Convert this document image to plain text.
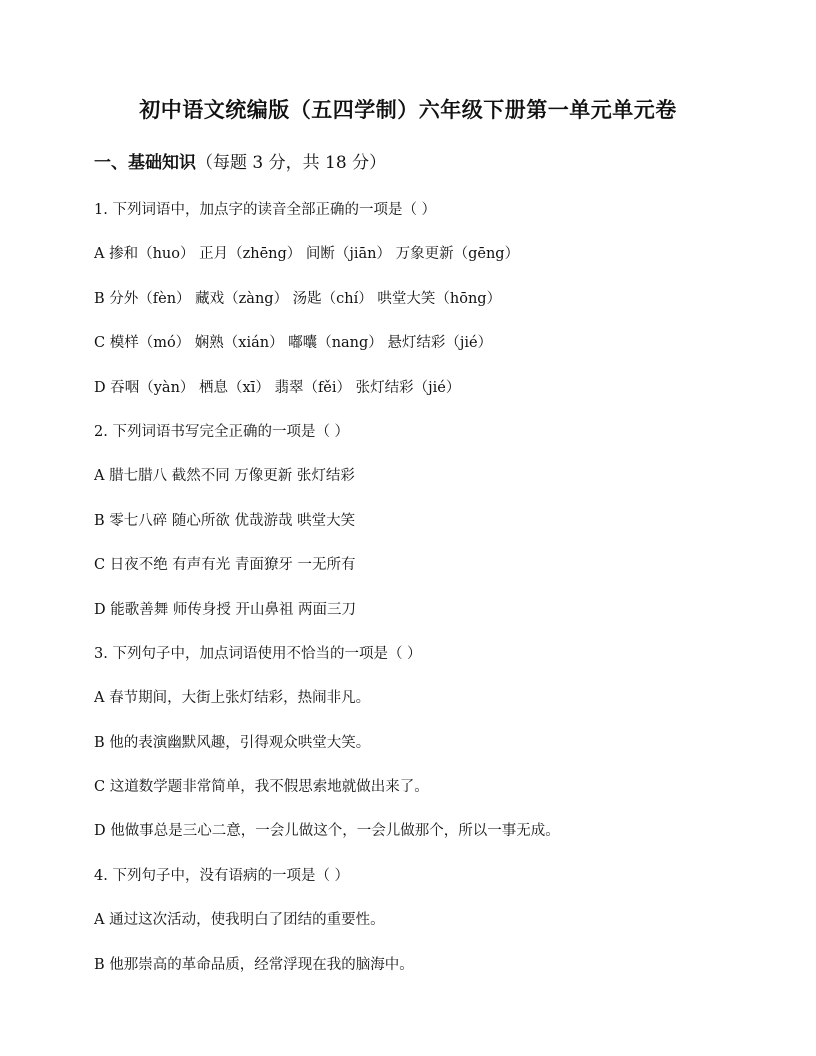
初中语文统编版（五四学制）六年级下册第一单元单元卷
一、基础知识（每题 3 分，共 18 分）
1. 下列词语中，加点字的读音全部正确的一项是（ ）
A 掺和（huo） 正月（zhēng） 间断（jiān） 万象更新（gēng）
B 分外（fèn） 藏戏（zàng） 汤匙（chí） 哄堂大笑（hōng）
C 模样（mó） 娴熟（xián） 嘟囔（nang） 悬灯结彩（jié）
D 吞咽（yàn） 栖息（xī） 翡翠（fěi） 张灯结彩（jié）
2. 下列词语书写完全正确的一项是（ ）
A 腊七腊八 截然不同 万像更新 张灯结彩
B 零七八碎 随心所欲 优哉游哉 哄堂大笑
C 日夜不绝 有声有光 青面獠牙 一无所有
D 能歌善舞 师传身授 开山鼻祖 两面三刀
3. 下列句子中，加点词语使用不恰当的一项是（ ）
A 春节期间，大街上张灯结彩，热闹非凡。
B 他的表演幽默风趣，引得观众哄堂大笑。
C 这道数学题非常简单，我不假思索地就做出来了。
D 他做事总是三心二意，一会儿做这个，一会儿做那个，所以一事无成。
4. 下列句子中，没有语病的一项是（ ）
A 通过这次活动，使我明白了团结的重要性。
B 他那崇高的革命品质，经常浮现在我的脑海中。
